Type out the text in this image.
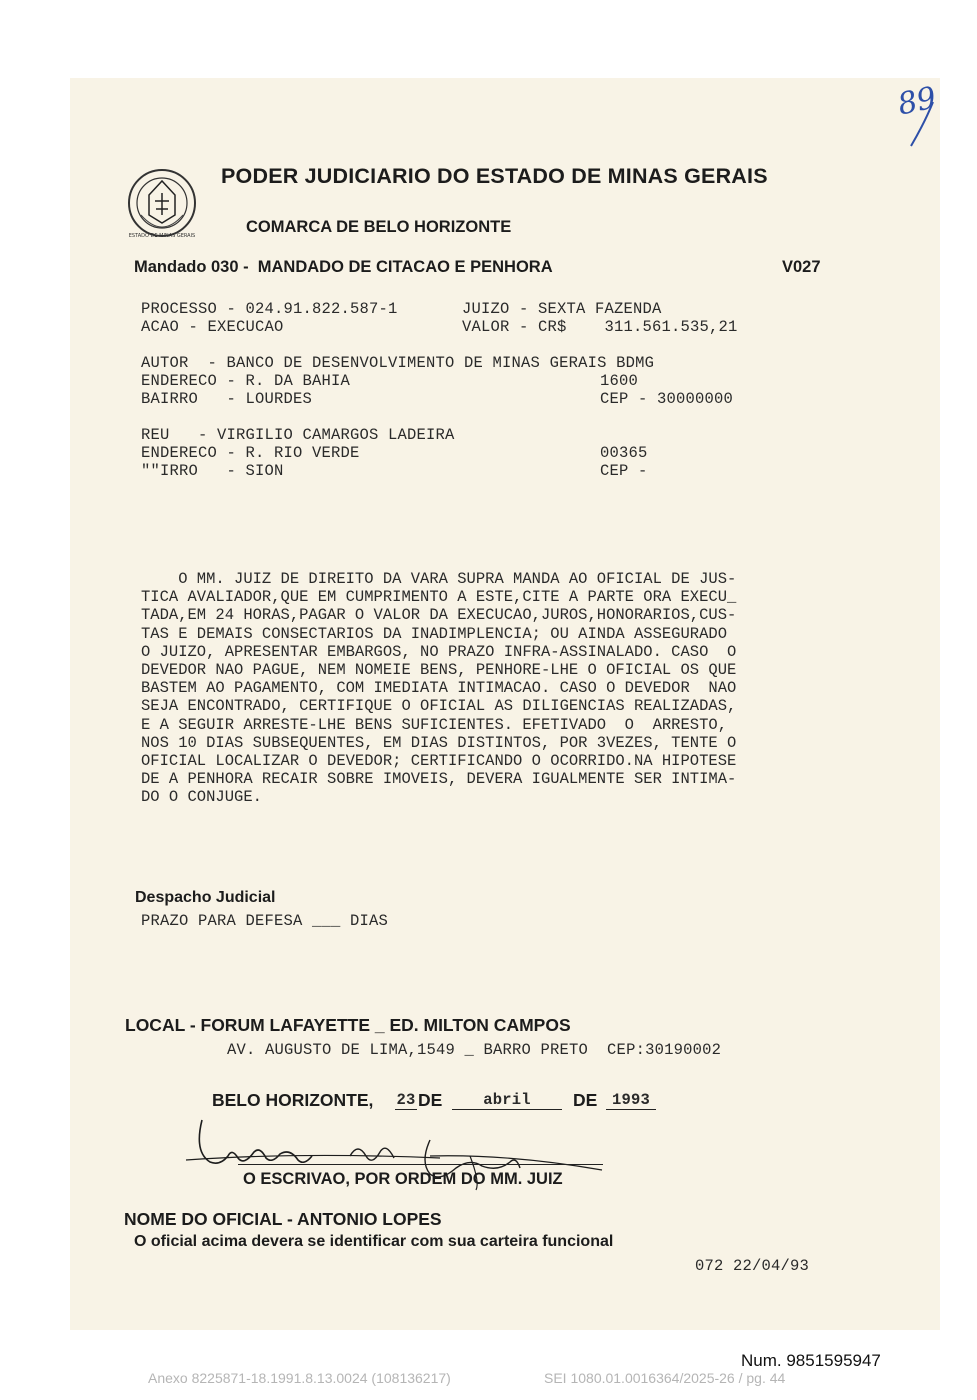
89
ESTADO DE MINAS GERAIS
PODER JUDICIARIO DO ESTADO DE MINAS GERAIS
COMARCA DE BELO HORIZONTE
Mandado 030 -  MANDADO DE CITACAO E PENHORA	V027
PROCESSO - 024.91.822.587-1	JUIZO - SEXTA FAZENDA
ACAO - EXECUCAO	VALOR - CR$    311.561.535,21
AUTOR  - BANCO DE DESENVOLVIMENTO DE MINAS GERAIS BDMG
ENDERECO - R. DA BAHIA	1600
BAIRRO   - LOURDES	CEP - 30000000
REU   - VIRGILIO CAMARGOS LADEIRA
ENDERECO - R. RIO VERDE	00365
""IRRO   - SION	CEP -
O MM. JUIZ DE DIREITO DA VARA SUPRA MANDA AO OFICIAL DE JUS-
TICA AVALIADOR,QUE EM CUMPRIMENTO A ESTE,CITE A PARTE ORA EXECU_
TADA,EM 24 HORAS,PAGAR O VALOR DA EXECUCAO,JUROS,HONORARIOS,CUS-
TAS E DEMAIS CONSECTARIOS DA INADIMPLENCIA; OU AINDA ASSEGURADO
O JUIZO, APRESENTAR EMBARGOS, NO PRAZO INFRA-ASSINALADO. CASO  O
DEVEDOR NAO PAGUE, NEM NOMEIE BENS, PENHORE-LHE O OFICIAL OS QUE
BASTEM AO PAGAMENTO, COM IMEDIATA INTIMACAO. CASO O DEVEDOR  NAO
SEJA ENCONTRADO, CERTIFIQUE O OFICIAL AS DILIGENCIAS REALIZADAS,
E A SEGUIR ARRESTE-LHE BENS SUFICIENTES. EFETIVADO  O  ARRESTO,
NOS 10 DIAS SUBSEQUENTES, EM DIAS DISTINTOS, POR 3VEZES, TENTE O
OFICIAL LOCALIZAR O DEVEDOR; CERTIFICANDO O OCORRIDO.NA HIPOTESE
DE A PENHORA RECAIR SOBRE IMOVEIS, DEVERA IGUALMENTE SER INTIMA-
DO O CONJUGE.
Despacho Judicial
PRAZO PARA DEFESA ___ DIAS
LOCAL - FORUM LAFAYETTE _ ED. MILTON CAMPOS
AV. AUGUSTO DE LIMA,1549 _ BARRO PRETO  CEP:30190002
BELO HORIZONTE, 23 DE	abril	DE 1993
O ESCRIVAO, POR ORDEM DO MM. JUIZ
NOME DO OFICIAL - ANTONIO LOPES
O oficial acima devera se identificar com sua carteira funcional
072 22/04/93
Num. 9851595947
Anexo 8225871-18.1991.8.13.0024 (108136217)	SEI 1080.01.0016364/2025-26 / pg. 44
